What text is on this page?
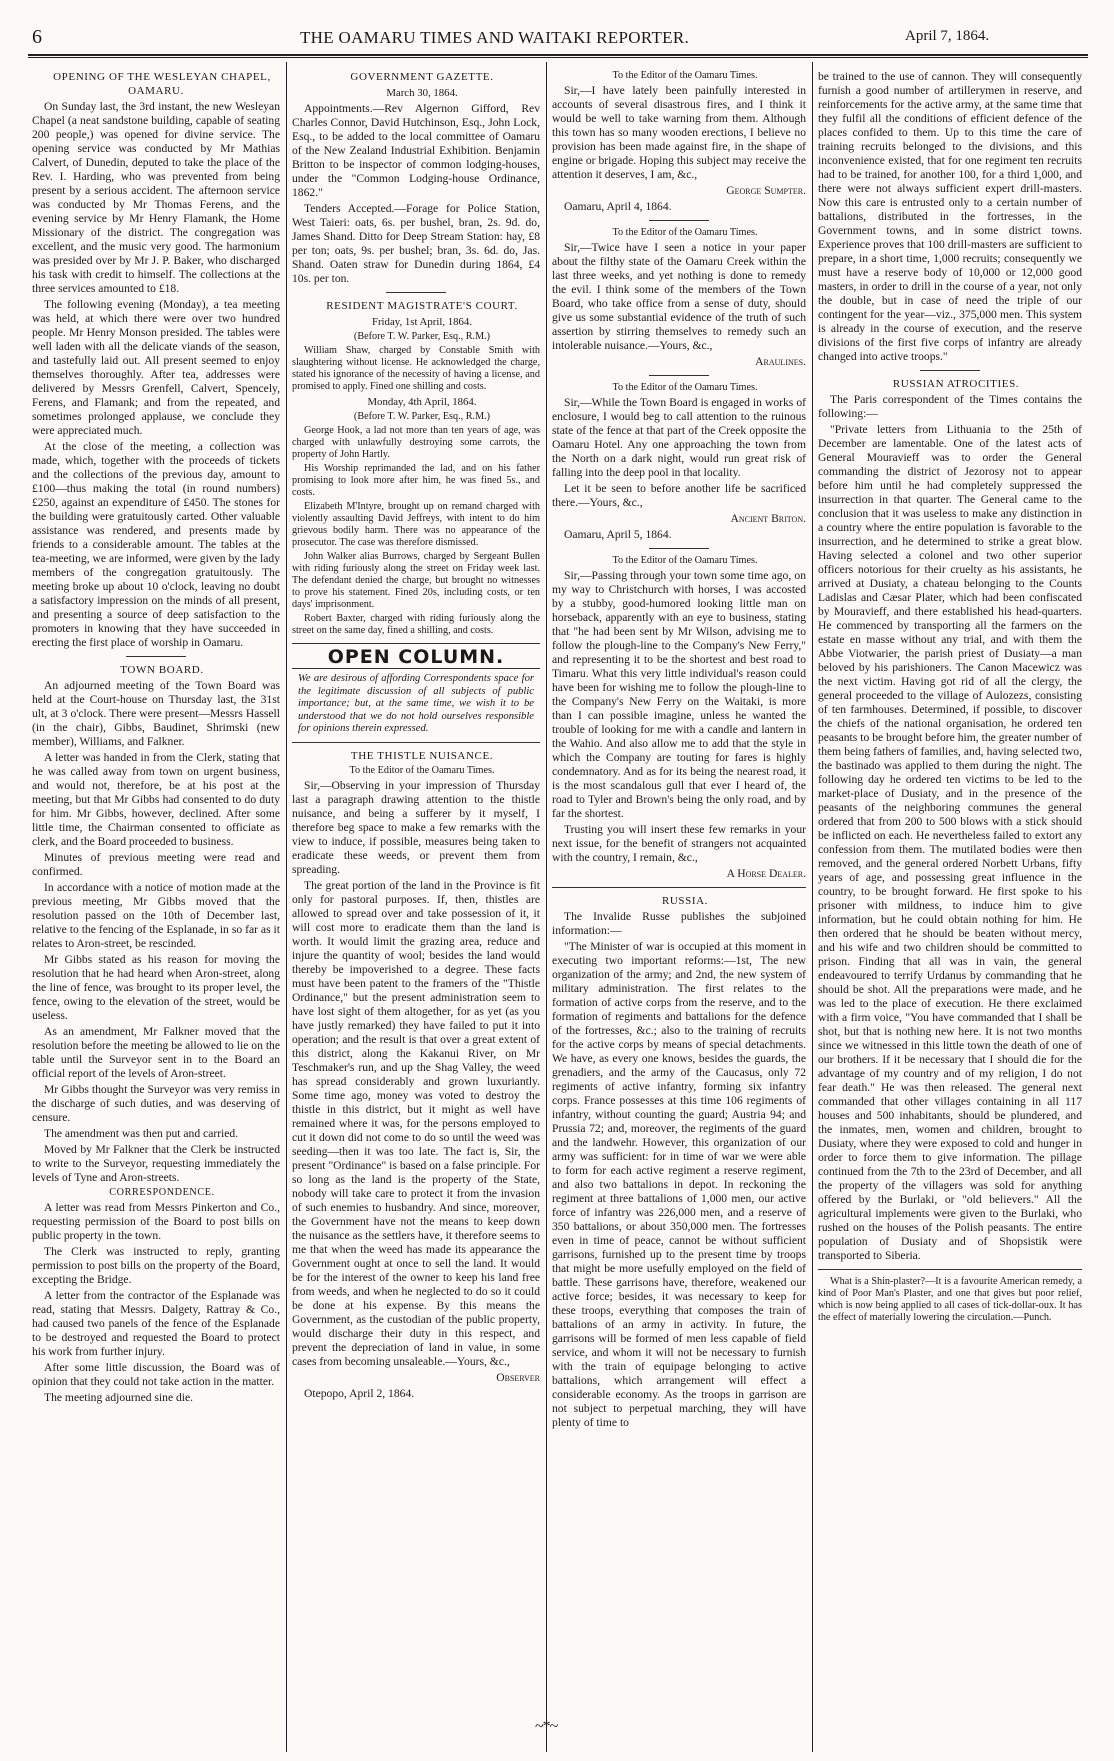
6	THE OAMARU TIMES AND WAITAKI REPORTER.	April 7, 1864.

OPENING OF THE WESLEYAN CHAPEL, OAMARU.

On Sunday last, the 3rd instant, the new Wesleyan Chapel (a neat sandstone building, capable of seating 200 people,) was opened for divine service. The opening service was conducted by Mr Mathias Calvert, of Dunedin, deputed to take the place of the Rev. I. Harding, who was prevented from being present by a serious accident. The afternoon service was conducted by Mr Thomas Ferens, and the evening service by Mr Henry Flamank, the Home Missionary of the district. The congregation was excellent, and the music very good. The harmonium was presided over by Mr J. P. Baker, who discharged his task with credit to himself. The collections at the three services amounted to £18.

The following evening (Monday), a tea meeting was held, at which there were over two hundred people. Mr Henry Monson presided. The tables were well laden with all the delicate viands of the season, and tastefully laid out. All present seemed to enjoy themselves thoroughly. After tea, addresses were delivered by Messrs Grenfell, Calvert, Spencely, Ferens, and Flamank; and from the repeated, and sometimes prolonged applause, we conclude they were appreciated much.

At the close of the meeting, a collection was made, which, together with the proceeds of tickets and the collections of the previous day, amount to £100—thus making the total (in round numbers) £250, against an expenditure of £450. The stones for the building were gratuitously carted. Other valuable assistance was rendered, and presents made by friends to a considerable amount. The tables at the tea-meeting, we are informed, were given by the lady members of the congregation gratuitously. The meeting broke up about 10 o'clock, leaving no doubt a satisfactory impression on the minds of all present, and presenting a source of deep satisfaction to the promoters in knowing that they have succeeded in erecting the first place of worship in Oamaru.

TOWN BOARD.

An adjourned meeting of the Town Board was held at the Court-house on Thursday last, the 31st ult, at 3 o'clock. There were present—Messrs Hassell (in the chair), Gibbs, Baudinet, Shrimski (new member), Williams, and Falkner.

A letter was handed in from the Clerk, stating that he was called away from town on urgent business, and would not, therefore, be at his post at the meeting, but that Mr Gibbs had consented to do duty for him. Mr Gibbs, however, declined. After some little time, the Chairman consented to officiate as clerk, and the Board proceeded to business.

Minutes of previous meeting were read and confirmed.

In accordance with a notice of motion made at the previous meeting, Mr Gibbs moved that the resolution passed on the 10th of December last, relative to the fencing of the Esplanade, in so far as it relates to Aron-street, be rescinded.

Mr Gibbs stated as his reason for moving the resolution that he had heard when Aron-street, along the line of fence, was brought to its proper level, the fence, owing to the elevation of the street, would be useless.

As an amendment, Mr Falkner moved that the resolution before the meeting be allowed to lie on the table until the Surveyor sent in to the Board an official report of the levels of Aron-street.

Mr Gibbs thought the Surveyor was very remiss in the discharge of such duties, and was deserving of censure.

The amendment was then put and carried.

Moved by Mr Falkner that the Clerk be instructed to write to the Surveyor, requesting immediately the levels of Tyne and Aron-streets.

CORRESPONDENCE.

A letter was read from Messrs Pinkerton and Co., requesting permission of the Board to post bills on public property in the town.

The Clerk was instructed to reply, granting permission to post bills on the property of the Board, excepting the Bridge.

A letter from the contractor of the Esplanade was read, stating that Messrs. Dalgety, Rattray & Co., had caused two panels of the fence of the Esplanade to be destroyed and requested the Board to protect his work from further injury.

After some little discussion, the Board was of opinion that they could not take action in the matter.

The meeting adjourned sine die.

GOVERNMENT GAZETTE.

March 30, 1864.

Appointments.—Rev Algernon Gifford, Rev Charles Connor, David Hutchinson, Esq., John Lock, Esq., to be added to the local committee of Oamaru of the New Zealand Industrial Exhibition. Benjamin Britton to be inspector of common lodging-houses, under the "Common Lodging-house Ordinance, 1862."

Tenders Accepted.—Forage for Police Station, West Taieri: oats, 6s. per bushel, bran, 2s. 9d. do, James Shand. Ditto for Deep Stream Station: hay, £8 per ton; oats, 9s. per bushel; bran, 3s. 6d. do, Jas. Shand. Oaten straw for Dunedin during 1864, £4 10s. per ton.

RESIDENT MAGISTRATE'S COURT.

Friday, 1st April, 1864.

(Before T. W. Parker, Esq., R.M.)

William Shaw, charged by Constable Smith with slaughtering without license. He acknowledged the charge, stated his ignorance of the necessity of having a license, and promised to apply. Fined one shilling and costs.

Monday, 4th April, 1864.

(Before T. W. Parker, Esq., R.M.)

George Hook, a lad not more than ten years of age, was charged with unlawfully destroying some carrots, the property of John Hartly.

His Worship reprimanded the lad, and on his father promising to look more after him, he was fined 5s., and costs.

Elizabeth M'Intyre, brought up on remand charged with violently assaulting David Jeffreys, with intent to do him grievous bodily harm. There was no appearance of the prosecutor. The case was therefore dismissed.

John Walker alias Burrows, charged by Sergeant Bullen with riding furiously along the street on Friday week last. The defendant denied the charge, but brought no witnesses to prove his statement. Fined 20s, including costs, or ten days' imprisonment.

Robert Baxter, charged with riding furiously along the street on the same day, fined a shilling, and costs.

OPEN COLUMN.

We are desirous of affording Correspondents space for the legitimate discussion of all subjects of public importance; but, at the same time, we wish it to be understood that we do not hold ourselves responsible for opinions therein expressed.

THE THISTLE NUISANCE.

To the Editor of the Oamaru Times.

Sir,—Observing in your impression of Thursday last a paragraph drawing attention to the thistle nuisance, and being a sufferer by it myself, I therefore beg space to make a few remarks with the view to induce, if possible, measures being taken to eradicate these weeds, or prevent them from spreading.

The great portion of the land in the Province is fit only for pastoral purposes. If, then, thistles are allowed to spread over and take possession of it, it will cost more to eradicate them than the land is worth. It would limit the grazing area, reduce and injure the quantity of wool; besides the land would thereby be impoverished to a degree. These facts must have been patent to the framers of the "Thistle Ordinance," but the present administration seem to have lost sight of them altogether, for as yet (as you have justly remarked) they have failed to put it into operation; and the result is that over a great extent of this district, along the Kakanui River, on Mr Teschmaker's run, and up the Shag Valley, the weed has spread considerably and grown luxuriantly. Some time ago, money was voted to destroy the thistle in this district, but it might as well have remained where it was, for the persons employed to cut it down did not come to do so until the weed was seeding—then it was too late. The fact is, Sir, the present "Ordinance" is based on a false principle. For so long as the land is the property of the State, nobody will take care to protect it from the invasion of such enemies to husbandry. And since, moreover, the Government have not the means to keep down the nuisance as the settlers have, it therefore seems to me that when the weed has made its appearance the Government ought at once to sell the land. It would be for the interest of the owner to keep his land free from weeds, and when he neglected to do so it could be done at his expense. By this means the Government, as the custodian of the public property, would discharge their duty in this respect, and prevent the depreciation of land in value, in some cases from becoming unsaleable.—Yours, &c.,

Observer

Otepopo, April 2, 1864.

To the Editor of the Oamaru Times.

Sir,—I have lately been painfully interested in accounts of several disastrous fires, and I think it would be well to take warning from them. Although this town has so many wooden erections, I believe no provision has been made against fire, in the shape of engine or brigade. Hoping this subject may receive the attention it deserves, I am, &c.,

George Sumpter.

Oamaru, April 4, 1864.

To the Editor of the Oamaru Times.

Sir,—Twice have I seen a notice in your paper about the filthy state of the Oamaru Creek within the last three weeks, and yet nothing is done to remedy the evil. I think some of the members of the Town Board, who take office from a sense of duty, should give us some substantial evidence of the truth of such assertion by stirring themselves to remedy such an intolerable nuisance.—Yours, &c.,

Araulines.

To the Editor of the Oamaru Times.

Sir,—While the Town Board is engaged in works of enclosure, I would beg to call attention to the ruinous state of the fence at that part of the Creek opposite the Oamaru Hotel. Any one approaching the town from the North on a dark night, would run great risk of falling into the deep pool in that locality.

Let it be seen to before another life be sacrificed there.—Yours, &c.,

Ancient Briton.

Oamaru, April 5, 1864.

To the Editor of the Oamaru Times.

Sir,—Passing through your town some time ago, on my way to Christchurch with horses, I was accosted by a stubby, good-humored looking little man on horseback, apparently with an eye to business, stating that "he had been sent by Mr Wilson, advising me to follow the plough-line to the Company's New Ferry," and representing it to be the shortest and best road to Timaru. What this very little individual's reason could have been for wishing me to follow the plough-line to the Company's New Ferry on the Waitaki, is more than I can possible imagine, unless he wanted the trouble of looking for me with a candle and lantern in the Wahio. And also allow me to add that the style in which the Company are touting for fares is highly condemnatory. And as for its being the nearest road, it is the most scandalous gull that ever I heard of, the road to Tyler and Brown's being the only road, and by far the shortest.

Trusting you will insert these few remarks in your next issue, for the benefit of strangers not acquainted with the country, I remain, &c.,

A Horse Dealer.

RUSSIA.

The Invalide Russe publishes the subjoined information:—

"The Minister of war is occupied at this moment in executing two important reforms:—1st, The new organization of the army; and 2nd, the new system of military administration. The first relates to the formation of active corps from the reserve, and to the formation of regiments and battalions for the defence of the fortresses, &c.; also to the training of recruits for the active corps by means of special detachments. We have, as every one knows, besides the guards, the grenadiers, and the army of the Caucasus, only 72 regiments of active infantry, forming six infantry corps. France possesses at this time 106 regiments of infantry, without counting the guard; Austria 94; and Prussia 72; and, moreover, the regiments of the guard and the landwehr. However, this organization of our army was sufficient: for in time of war we were able to form for each active regiment a reserve regiment, and also two battalions in depot. In reckoning the regiment at three battalions of 1,000 men, our active force of infantry was 226,000 men, and a reserve of 350 battalions, or about 350,000 men. The fortresses even in time of peace, cannot be without sufficient garrisons, furnished up to the present time by troops that might be more usefully employed on the field of battle. These garrisons have, therefore, weakened our active force; besides, it was necessary to keep for these troops, everything that composes the train of battalions of an army in activity. In future, the garrisons will be formed of men less capable of field service, and whom it will not be necessary to furnish with the train of equipage belonging to active battalions, which arrangement will effect a considerable economy. As the troops in garrison are not subject to perpetual marching, they will have plenty of time to

be trained to the use of cannon. They will consequently furnish a good number of artillerymen in reserve, and reinforcements for the active army, at the same time that they fulfil all the conditions of efficient defence of the places confided to them. Up to this time the care of training recruits belonged to the divisions, and this inconvenience existed, that for one regiment ten recruits had to be trained, for another 100, for a third 1,000, and there were not always sufficient expert drill-masters. Now this care is entrusted only to a certain number of battalions, distributed in the fortresses, in the Government towns, and in some district towns. Experience proves that 100 drill-masters are sufficient to prepare, in a short time, 1,000 recruits; consequently we must have a reserve body of 10,000 or 12,000 good masters, in order to drill in the course of a year, not only the double, but in case of need the triple of our contingent for the year—viz., 375,000 men. This system is already in the course of execution, and the reserve divisions of the first five corps of infantry are already changed into active troops."

RUSSIAN ATROCITIES.

The Paris correspondent of the Times contains the following:—

"Private letters from Lithuania to the 25th of December are lamentable. One of the latest acts of General Mouravieff was to order the General commanding the district of Jezorosy not to appear before him until he had completely suppressed the insurrection in that quarter. The General came to the conclusion that it was useless to make any distinction in a country where the entire population is favorable to the insurrection, and he determined to strike a great blow. Having selected a colonel and two other superior officers notorious for their cruelty as his assistants, he arrived at Dusiaty, a chateau belonging to the Counts Ladislas and Cæsar Plater, which had been confiscated by Mouravieff, and there established his head-quarters. He commenced by transporting all the farmers on the estate en masse without any trial, and with them the Abbe Viotwarier, the parish priest of Dusiaty—a man beloved by his parishioners. The Canon Macewicz was the next victim. Having got rid of all the clergy, the general proceeded to the village of Aulozezs, consisting of ten farmhouses. Determined, if possible, to discover the chiefs of the national organisation, he ordered ten peasants to be brought before him, the greater number of them being fathers of families, and, having selected two, the bastinado was applied to them during the night. The following day he ordered ten victims to be led to the market-place of Dusiaty, and in the presence of the peasants of the neighboring communes the general ordered that from 200 to 500 blows with a stick should be inflicted on each. He nevertheless failed to extort any confession from them. The mutilated bodies were then removed, and the general ordered Norbett Urbans, fifty years of age, and possessing great influence in the country, to be brought forward. He first spoke to his prisoner with mildness, to induce him to give information, but he could obtain nothing for him. He then ordered that he should be beaten without mercy, and his wife and two children should be committed to prison. Finding that all was in vain, the general endeavoured to terrify Urdanus by commanding that he should be shot. All the preparations were made, and he was led to the place of execution. He there exclaimed with a firm voice, "You have commanded that I shall be shot, but that is nothing new here. It is not two months since we witnessed in this little town the death of one of our brothers. If it be necessary that I should die for the advantage of my country and of my religion, I do not fear death." He was then released. The general next commanded that other villages containing in all 117 houses and 500 inhabitants, should be plundered, and the inmates, men, women and children, brought to Dusiaty, where they were exposed to cold and hunger in order to force them to give information. The pillage continued from the 7th to the 23rd of December, and all the property of the villagers was sold for anything offered by the Burlaki, or "old believers." All the agricultural implements were given to the Burlaki, who rushed on the houses of the Polish peasants. The entire population of Dusiaty and of Shopsistik were transported to Siberia.

What is a Shin-plaster?—It is a favourite American remedy, a kind of Poor Man's Plaster, and one that gives but poor relief, which is now being applied to all cases of tick-dollar-oux. It has the effect of materially lowering the circulation.—Punch.

~*~
